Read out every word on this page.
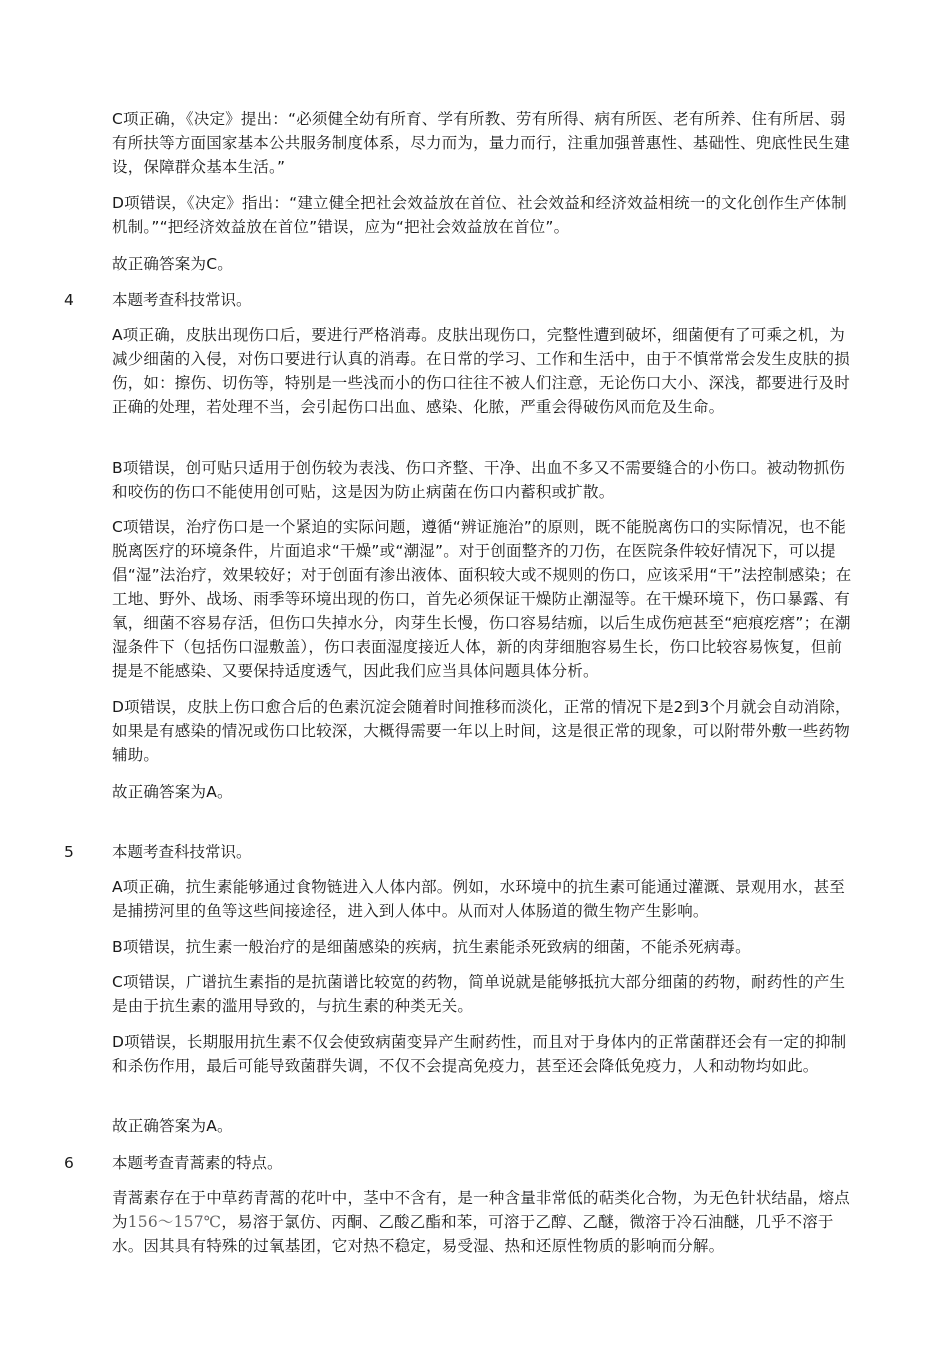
C项正确，《决定》提出：“必须健全幼有所育、学有所教、劳有所得、病有所医、老有所养、住有所居、弱有所扶等方面国家基本公共服务制度体系，尽力而为，量力而行，注重加强普惠性、基础性、兜底性民生建设，保障群众基本生活。”

D项错误，《决定》指出：“建立健全把社会效益放在首位、社会效益和经济效益相统一的文化创作生产体制机制。”“把经济效益放在首位”错误，应为“把社会效益放在首位”。

故正确答案为C。

4 本题考查科技常识。

A项正确，皮肤出现伤口后，要进行严格消毒。皮肤出现伤口，完整性遭到破坏，细菌便有了可乘之机，为减少细菌的入侵，对伤口要进行认真的消毒。在日常的学习、工作和生活中，由于不慎常常会发生皮肤的损伤，如：擦伤、切伤等，特别是一些浅而小的伤口往往不被人们注意，无论伤口大小、深浅，都要进行及时正确的处理，若处理不当，会引起伤口出血、感染、化脓，严重会得破伤风而危及生命。

B项错误，创可贴只适用于创伤较为表浅、伤口齐整、干净、出血不多又不需要缝合的小伤口。被动物抓伤和咬伤的伤口不能使用创可贴，这是因为防止病菌在伤口内蓄积或扩散。

C项错误，治疗伤口是一个紧迫的实际问题，遵循“辨证施治”的原则，既不能脱离伤口的实际情况，也不能脱离医疗的环境条件，片面追求“干燥”或“潮湿”。对于创面整齐的刀伤，在医院条件较好情况下，可以提倡“湿”法治疗，效果较好；对于创面有渗出液体、面积较大或不规则的伤口，应该采用“干”法控制感染；在工地、野外、战场、雨季等环境出现的伤口，首先必须保证干燥防止潮湿等。在干燥环境下，伤口暴露、有氧，细菌不容易存活，但伤口失掉水分，肉芽生长慢，伤口容易结痂，以后生成伤疤甚至“疤痕疙瘩”；在潮湿条件下（包括伤口湿敷盖），伤口表面湿度接近人体，新的肉芽细胞容易生长，伤口比较容易恢复，但前提是不能感染、又要保持适度透气，因此我们应当具体问题具体分析。

D项错误，皮肤上伤口愈合后的色素沉淀会随着时间推移而淡化，正常的情况下是2到3个月就会自动消除，如果是有感染的情况或伤口比较深，大概得需要一年以上时间，这是很正常的现象，可以附带外敷一些药物辅助。

故正确答案为A。

5 本题考查科技常识。

A项正确，抗生素能够通过食物链进入人体内部。例如，水环境中的抗生素可能通过灌溉、景观用水，甚至是捕捞河里的鱼等这些间接途径，进入到人体中。从而对人体肠道的微生物产生影响。

B项错误，抗生素一般治疗的是细菌感染的疾病，抗生素能杀死致病的细菌，不能杀死病毒。

C项错误，广谱抗生素指的是抗菌谱比较宽的药物，简单说就是能够抵抗大部分细菌的药物，耐药性的产生是由于抗生素的滥用导致的，与抗生素的种类无关。

D项错误，长期服用抗生素不仅会使致病菌变异产生耐药性，而且对于身体内的正常菌群还会有一定的抑制和杀伤作用，最后可能导致菌群失调，不仅不会提高免疫力，甚至还会降低免疫力，人和动物均如此。

故正确答案为A。

6 本题考查青蒿素的特点。

青蒿素存在于中草药青蒿的花叶中，茎中不含有，是一种含量非常低的萜类化合物，为无色针状结晶，熔点为156～157℃，易溶于氯仿、丙酮、乙酸乙酯和苯，可溶于乙醇、乙醚，微溶于冷石油醚，几乎不溶于水。因其具有特殊的过氧基团，它对热不稳定，易受湿、热和还原性物质的影响而分解。
